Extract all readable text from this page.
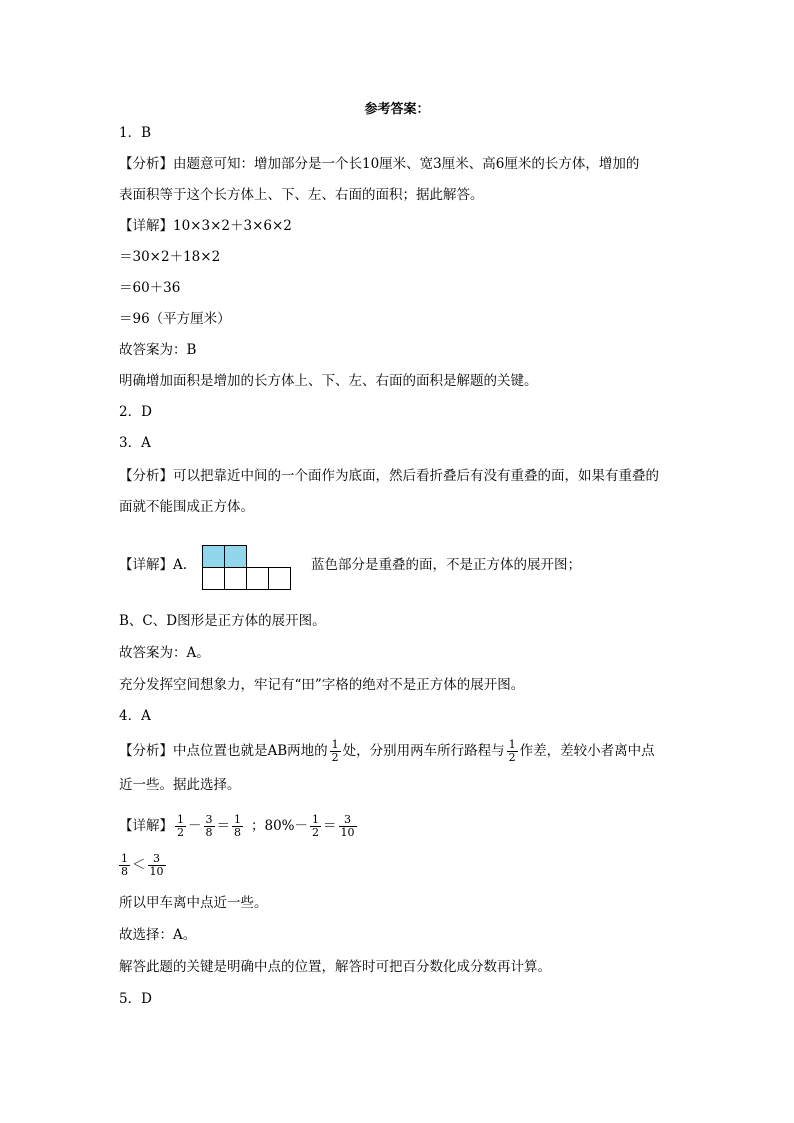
参考答案：
1．B
【分析】由题意可知：增加部分是一个长10厘米、宽3厘米、高6厘米的长方体，增加的
表面积等于这个长方体上、下、左、右面的面积；据此解答。
【详解】10×3×2＋3×6×2
＝30×2＋18×2
＝60＋36
＝96（平方厘米）
故答案为：B
明确增加面积是增加的长方体上、下、左、右面的面积是解题的关键。
2．D
3．A
【分析】可以把靠近中间的一个面作为底面，然后看折叠后有没有重叠的面，如果有重叠的
面就不能围成正方体。
【详解】A.	蓝色部分是重叠的面，不是正方体的展开图；
B、C、D图形是正方体的展开图。
故答案为：A。
充分发挥空间想象力，牢记有“田”字格的绝对不是正方体的展开图。
4．A
【分析】中点位置也就是AB两地的 $\frac{1}{2}$ 处，分别用两车所行路程与 $\frac{1}{2}$ 作差，差较小者离中点
近一些。据此选择。
【详解】 $\frac{1}{2} - \frac{3}{8} = \frac{1}{8}$ ；$80\%- \frac{1}{2} = \frac{3}{10}$
$\frac{1}{8} < \frac{3}{10}$
所以甲车离中点近一些。
故选择：A。
解答此题的关键是明确中点的位置，解答时可把百分数化成分数再计算。
5．D
